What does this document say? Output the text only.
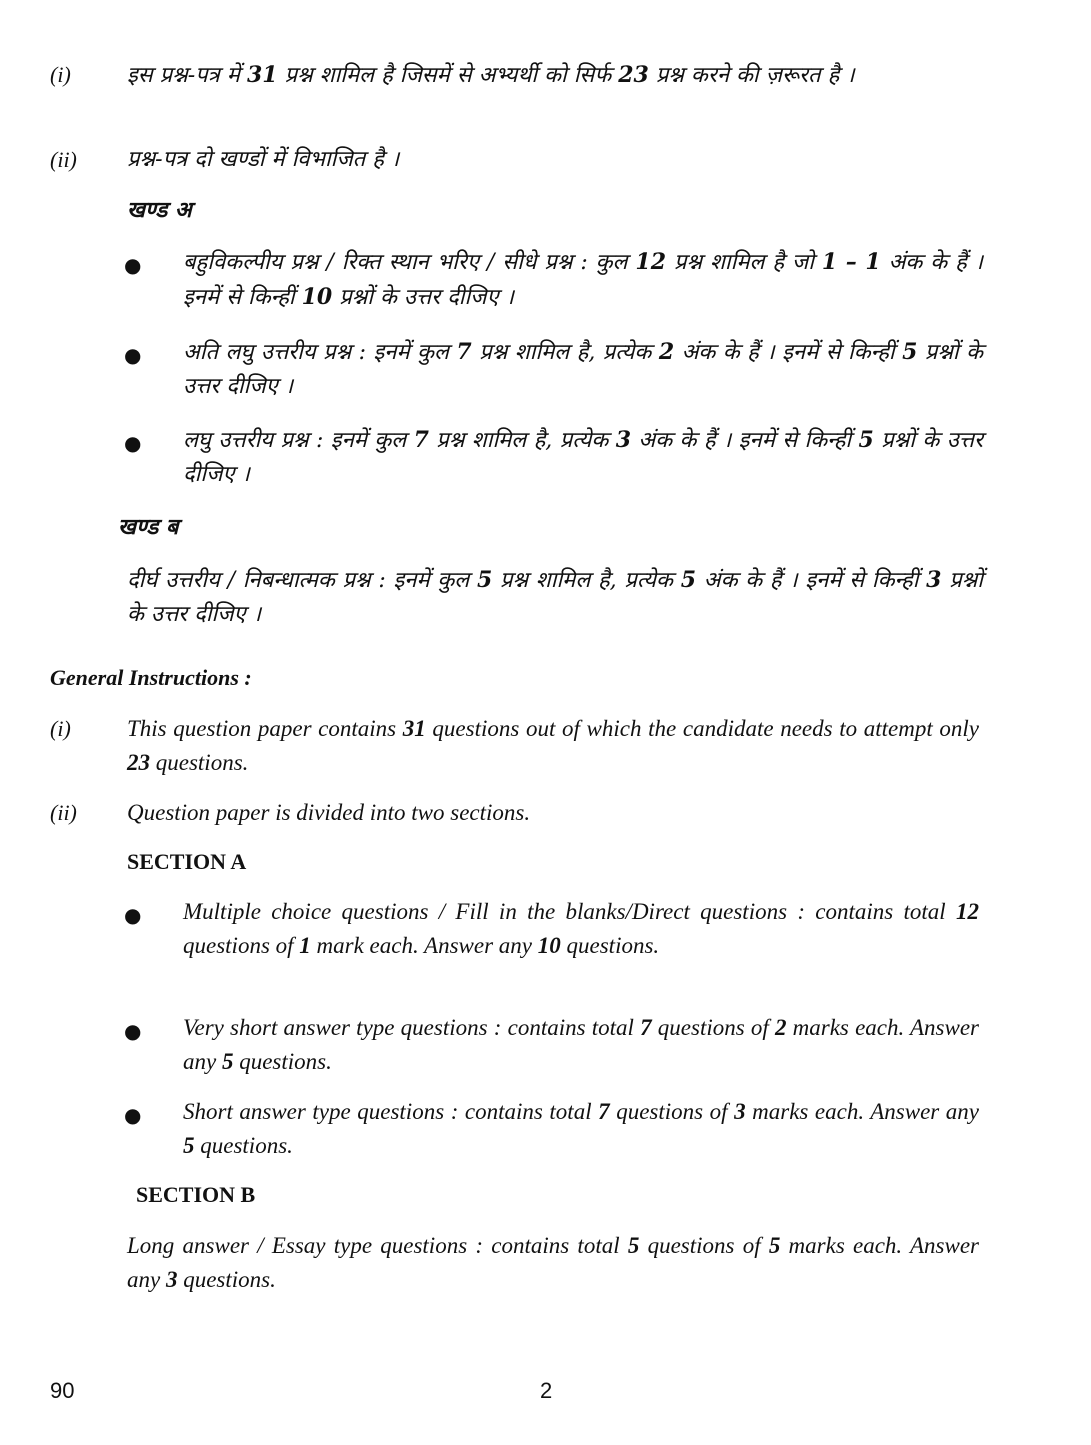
(i)	इस प्रश्न-पत्र में 31 प्रश्न शामिल है जिसमें से अभ्यर्थी को सिर्फ 23 प्रश्न करने की ज़रूरत है ।
(ii) प्रश्न-पत्र दो खण्डों में विभाजित है ।
खण्ड अ
● बहुविकल्पीय प्रश्न / रिक्त स्थान भरिए / सीधे प्रश्न : कुल 12 प्रश्न शामिल है जो 1 – 1 अंक के हैं । इनमें से किन्हीं 10 प्रश्नों के उत्तर दीजिए ।
● अति लघु उत्तरीय प्रश्न : इनमें कुल 7 प्रश्न शामिल है, प्रत्येक 2 अंक के हैं । इनमें से किन्हीं 5 प्रश्नों के उत्तर दीजिए ।
● लघु उत्तरीय प्रश्न : इनमें कुल 7 प्रश्न शामिल है, प्रत्येक 3 अंक के हैं । इनमें से किन्हीं 5 प्रश्नों के उत्तर दीजिए ।
खण्ड ब
दीर्घ उत्तरीय / निबन्धात्मक प्रश्न : इनमें कुल 5 प्रश्न शामिल है, प्रत्येक 5 अंक के हैं । इनमें से किन्हीं 3 प्रश्नों के उत्तर दीजिए ।
General Instructions :
(i) This question paper contains 31 questions out of which the candidate needs to attempt only 23 questions.
(ii) Question paper is divided into two sections.
SECTION A
● Multiple choice questions / Fill in the blanks/Direct questions : contains total 12 questions of 1 mark each. Answer any 10 questions.
● Very short answer type questions : contains total 7 questions of 2 marks each. Answer any 5 questions.
● Short answer type questions : contains total 7 questions of 3 marks each. Answer any 5 questions.
SECTION B
Long answer / Essay type questions : contains total 5 questions of 5 marks each. Answer any 3 questions.
90	2
